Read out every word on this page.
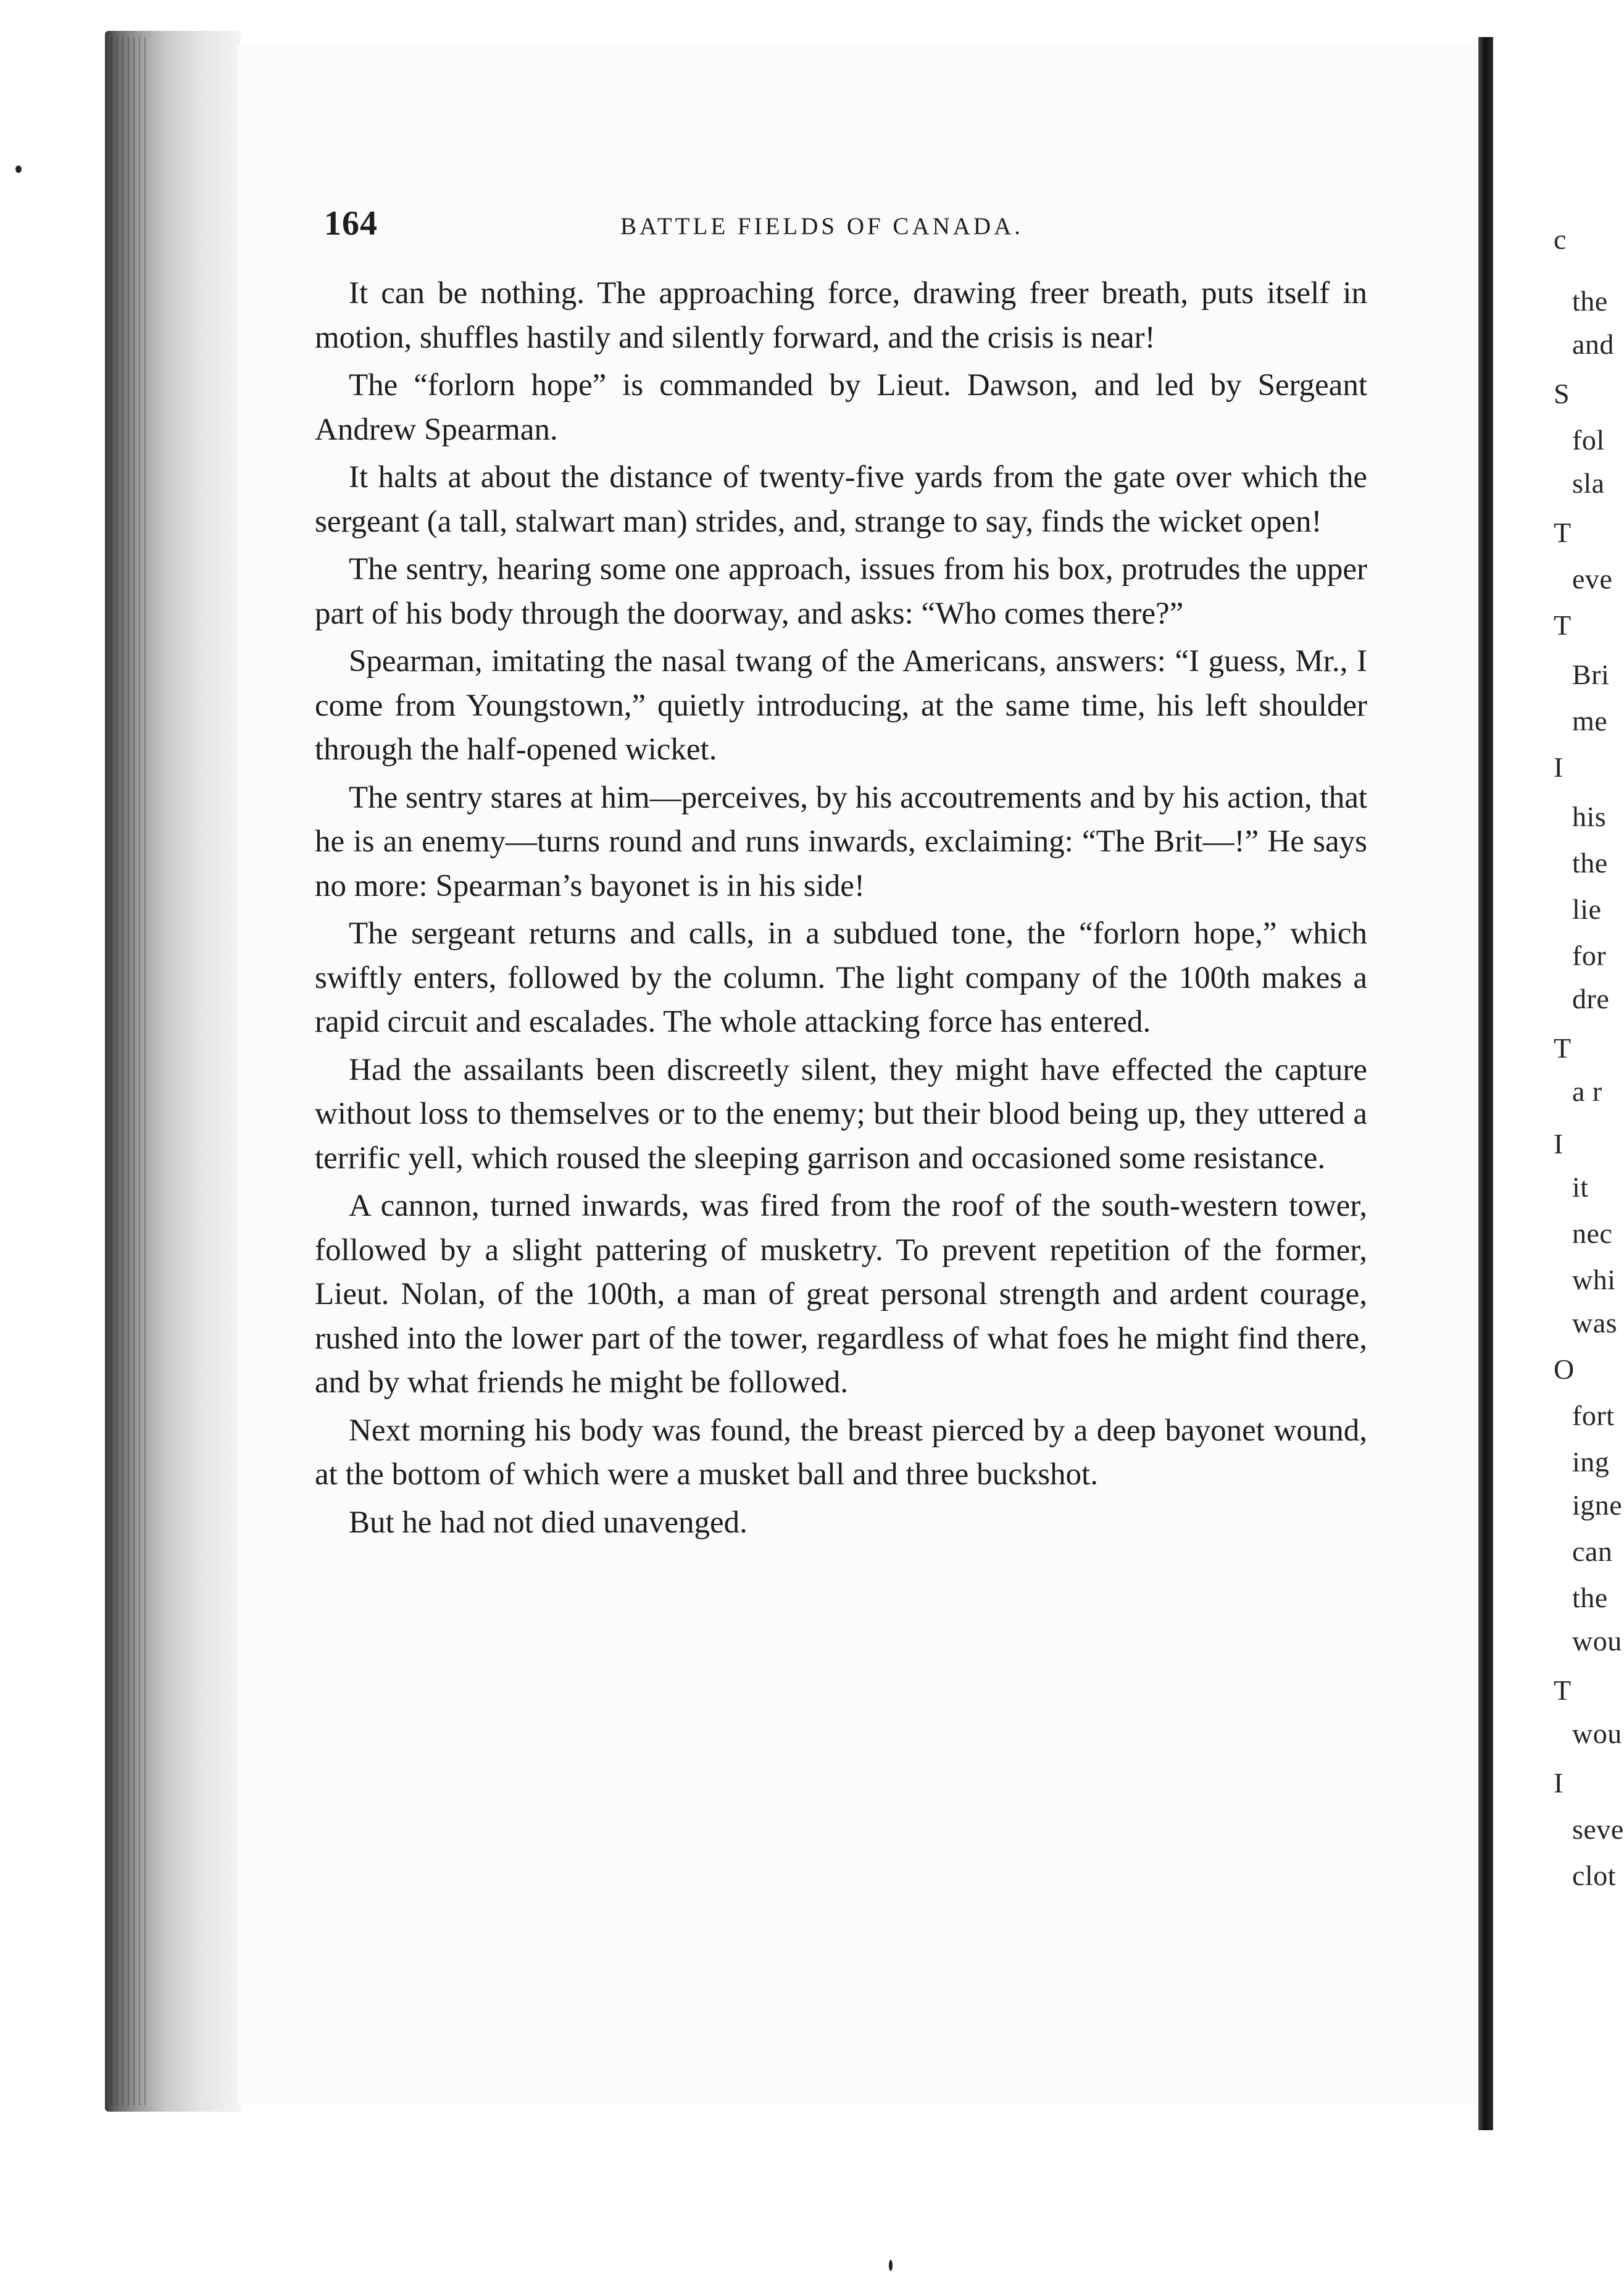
c
the
and
S
fol
sla
T
eve
T
Bri
me
I
his
the
lie
for
dre
T
a r
I
it
nec
whi
was
O
fort
ing
igne
can
the
wou
T
wou
I
seve
clot
164	BATTLE FIELDS OF CANADA.

It can be nothing. The approaching force, drawing freer breath, puts itself in motion, shuffles hastily and silently forward, and the crisis is near!

The “forlorn hope” is commanded by Lieut. Dawson, and led by Sergeant Andrew Spearman.

It halts at about the distance of twenty-five yards from the gate over which the sergeant (a tall, stalwart man) strides, and, strange to say, finds the wicket open!

The sentry, hearing some one approach, issues from his box, protrudes the upper part of his body through the doorway, and asks: “Who comes there?”

Spearman, imitating the nasal twang of the Americans, answers: “I guess, Mr., I come from Youngstown,” quietly introducing, at the same time, his left shoulder through the half-opened wicket.

The sentry stares at him—perceives, by his accoutrements and by his action, that he is an enemy—turns round and runs inwards, exclaiming: “The Brit—!” He says no more: Spearman’s bayonet is in his side!

The sergeant returns and calls, in a subdued tone, the “forlorn hope,” which swiftly enters, followed by the column. The light company of the 100th makes a rapid circuit and escalades. The whole attacking force has entered.

Had the assailants been discreetly silent, they might have effected the capture without loss to themselves or to the enemy; but their blood being up, they uttered a terrific yell, which roused the sleeping garrison and occasioned some resistance.

A cannon, turned inwards, was fired from the roof of the south-western tower, followed by a slight pattering of musketry. To prevent repetition of the former, Lieut. Nolan, of the 100th, a man of great personal strength and ardent courage, rushed into the lower part of the tower, regardless of what foes he might find there, and by what friends he might be followed.

Next morning his body was found, the breast pierced by a deep bayonet wound, at the bottom of which were a musket ball and three buckshot.

But he had not died unavenged.
